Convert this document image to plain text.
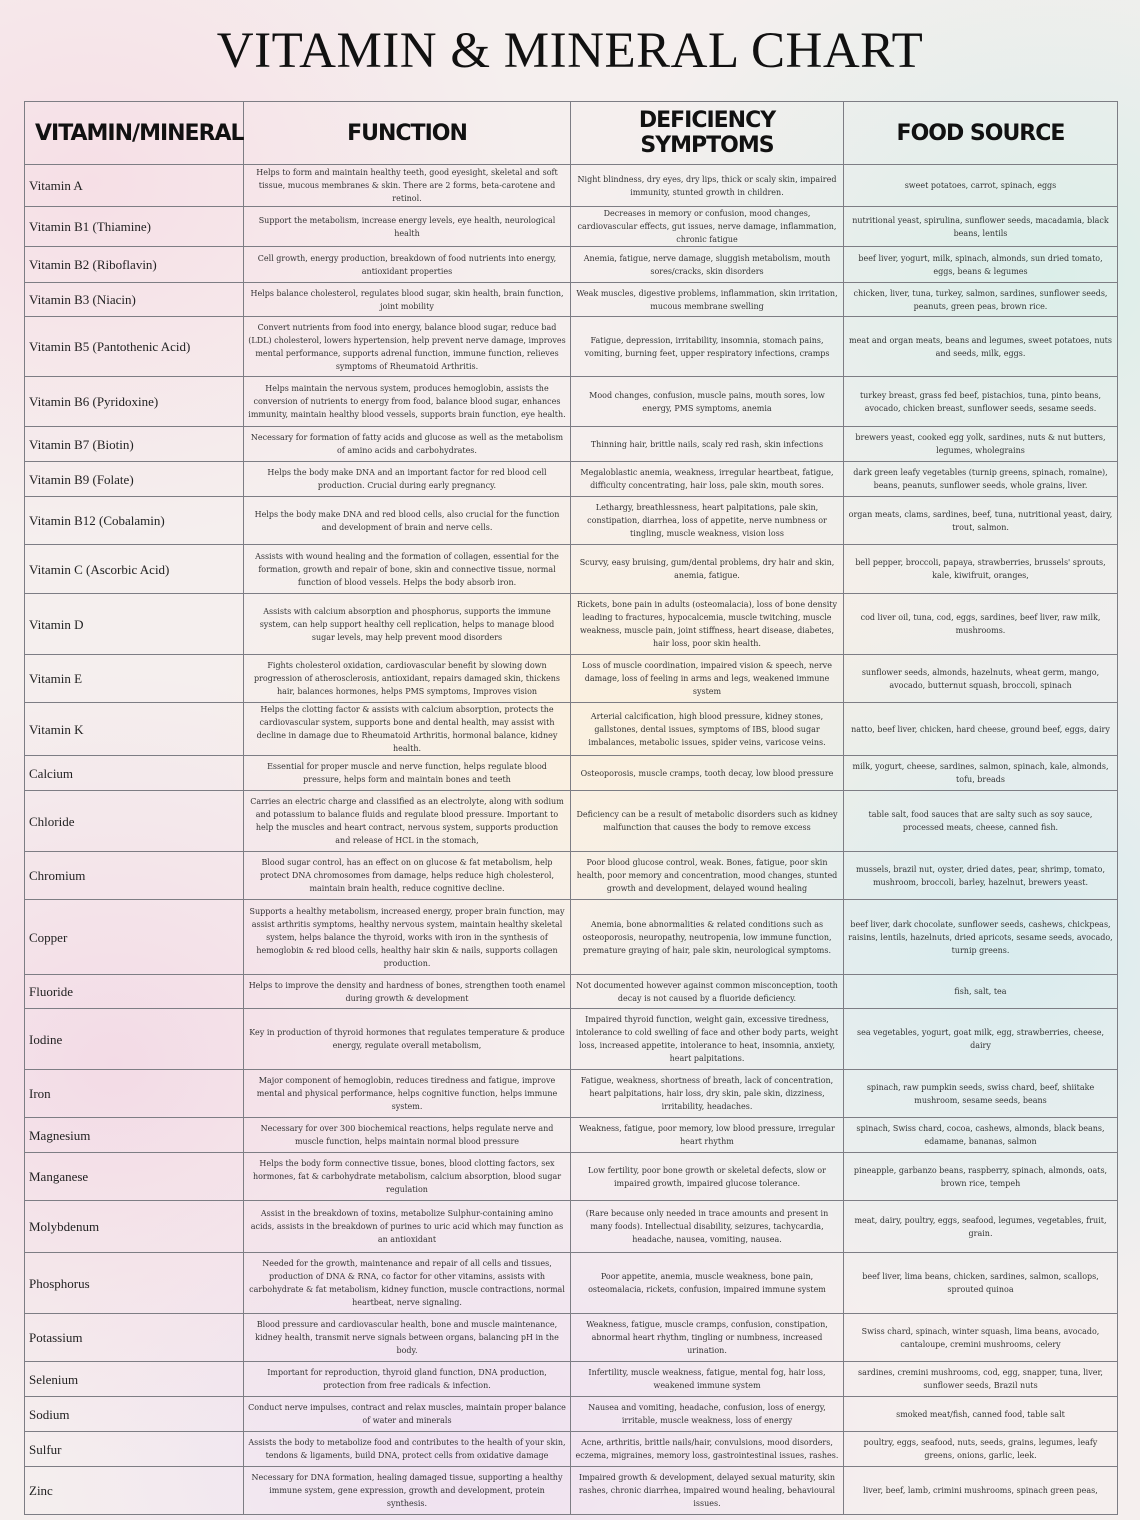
VITAMIN & MINERAL CHART
VITAMIN/MINERAL	FUNCTION	DEFICIENCY SYMPTOMS	FOOD SOURCE
Vitamin A	Helps to form and maintain healthy teeth, good eyesight, skeletal and soft tissue, mucous membranes & skin. There are 2 forms, beta-carotene and retinol.	Night blindness, dry eyes, dry lips, thick or scaly skin, impaired immunity, stunted growth in children.	sweet potatoes, carrot, spinach, eggs
Vitamin B1 (Thiamine)	Support the metabolism, increase energy levels, eye health, neurological health	Decreases in memory or confusion, mood changes, cardiovascular effects, gut issues, nerve damage, inflammation, chronic fatigue	nutritional yeast, spirulina, sunflower seeds, macadamia, black beans, lentils
Vitamin B2 (Riboflavin)	Cell growth, energy production, breakdown of food nutrients into energy, antioxidant properties	Anemia, fatigue, nerve damage, sluggish metabolism, mouth sores/cracks, skin disorders	beef liver, yogurt, milk, spinach, almonds, sun dried tomato, eggs, beans & legumes
Vitamin B3 (Niacin)	Helps balance cholesterol, regulates blood sugar, skin health, brain function, joint mobility	Weak muscles, digestive problems, inflammation, skin irritation, mucous membrane swelling	chicken, liver, tuna, turkey, salmon, sardines, sunflower seeds, peanuts, green peas, brown rice.
Vitamin B5 (Pantothenic Acid)	Convert nutrients from food into energy, balance blood sugar, reduce bad (LDL) cholesterol, lowers hypertension, help prevent nerve damage, improves mental performance, supports adrenal function, immune function, relieves symptoms of Rheumatoid Arthritis.	Fatigue, depression, irritability, insomnia, stomach pains, vomiting, burning feet, upper respiratory infections, cramps	meat and organ meats, beans and legumes, sweet potatoes, nuts and seeds, milk, eggs.
Vitamin B6 (Pyridoxine)	Helps maintain the nervous system, produces hemoglobin, assists the conversion of nutrients to energy from food, balance blood sugar, enhances immunity, maintain healthy blood vessels, supports brain function, eye health.	Mood changes, confusion, muscle pains, mouth sores, low energy, PMS symptoms, anemia	turkey breast, grass fed beef, pistachios, tuna, pinto beans, avocado, chicken breast, sunflower seeds, sesame seeds.
Vitamin B7 (Biotin)	Necessary for formation of fatty acids and glucose as well as the metabolism of amino acids and carbohydrates.	Thinning hair, brittle nails, scaly red rash, skin infections	brewers yeast, cooked egg yolk, sardines, nuts & nut butters, legumes, wholegrains
Vitamin B9 (Folate)	Helps the body make DNA and an important factor for red blood cell production. Crucial during early pregnancy.	Megaloblastic anemia, weakness, irregular heartbeat, fatigue, difficulty concentrating, hair loss, pale skin, mouth sores.	dark green leafy vegetables (turnip greens, spinach, romaine), beans, peanuts, sunflower seeds, whole grains, liver.
Vitamin B12 (Cobalamin)	Helps the body make DNA and red blood cells, also crucial for the function and development of brain and nerve cells.	Lethargy, breathlessness, heart palpitations, pale skin, constipation, diarrhea, loss of appetite, nerve numbness or tingling, muscle weakness, vision loss	organ meats, clams, sardines, beef, tuna, nutritional yeast, dairy, trout, salmon.
Vitamin C (Ascorbic Acid)	Assists with wound healing and the formation of collagen, essential for the formation, growth and repair of bone, skin and connective tissue, normal function of blood vessels. Helps the body absorb iron.	Scurvy, easy bruising, gum/dental problems, dry hair and skin, anemia, fatigue.	bell pepper, broccoli, papaya, strawberries, brussels' sprouts, kale, kiwifruit, oranges,
Vitamin D	Assists with calcium absorption and phosphorus, supports the immune system, can help support healthy cell replication, helps to manage blood sugar levels, may help prevent mood disorders	Rickets, bone pain in adults (osteomalacia), loss of bone density leading to fractures, hypocalcemia, muscle twitching, muscle weakness, muscle pain, joint stiffness, heart disease, diabetes, hair loss, poor skin health.	cod liver oil, tuna, cod, eggs, sardines, beef liver, raw milk, mushrooms.
Vitamin E	Fights cholesterol oxidation, cardiovascular benefit by slowing down progression of atherosclerosis, antioxidant, repairs damaged skin, thickens hair, balances hormones, helps PMS symptoms, Improves vision	Loss of muscle coordination, impaired vision & speech, nerve damage, loss of feeling in arms and legs, weakened immune system	sunflower seeds, almonds, hazelnuts, wheat germ, mango, avocado, butternut squash, broccoli, spinach
Vitamin K	Helps the clotting factor & assists with calcium absorption, protects the cardiovascular system, supports bone and dental health, may assist with decline in damage due to Rheumatoid Arthritis, hormonal balance, kidney health.	Arterial calcification, high blood pressure, kidney stones, gallstones, dental issues, symptoms of IBS, blood sugar imbalances, metabolic issues, spider veins, varicose veins.	natto, beef liver, chicken, hard cheese, ground beef, eggs, dairy
Calcium	Essential for proper muscle and nerve function, helps regulate blood pressure, helps form and maintain bones and teeth	Osteoporosis, muscle cramps, tooth decay, low blood pressure	milk, yogurt, cheese, sardines, salmon, spinach, kale, almonds, tofu, breads
Chloride	Carries an electric charge and classified as an electrolyte, along with sodium and potassium to balance fluids and regulate blood pressure. Important to help the muscles and heart contract, nervous system, supports production and release of HCL in the stomach,	Deficiency can be a result of metabolic disorders such as kidney malfunction that causes the body to remove excess	table salt, food sauces that are salty such as soy sauce, processed meats, cheese, canned fish.
Chromium	Blood sugar control, has an effect on on glucose & fat metabolism, help protect DNA chromosomes from damage, helps reduce high cholesterol, maintain brain health, reduce cognitive decline.	Poor blood glucose control, weak. Bones, fatigue, poor skin health, poor memory and concentration, mood changes, stunted growth and development, delayed wound healing	mussels, brazil nut, oyster, dried dates, pear, shrimp, tomato, mushroom, broccoli, barley, hazelnut, brewers yeast.
Copper	Supports a healthy metabolism, increased energy, proper brain function, may assist arthritis symptoms, healthy nervous system, maintain healthy skeletal system, helps balance the thyroid, works with iron in the synthesis of hemoglobin & red blood cells, healthy hair skin & nails, supports collagen production.	Anemia, bone abnormalities & related conditions such as osteoporosis, neuropathy, neutropenia, low immune function, premature graying of hair, pale skin, neurological symptoms.	beef liver, dark chocolate, sunflower seeds, cashews, chickpeas, raisins, lentils, hazelnuts, dried apricots, sesame seeds, avocado, turnip greens.
Fluoride	Helps to improve the density and hardness of bones, strengthen tooth enamel during growth & development	Not documented however against common misconception, tooth decay is not caused by a fluoride deficiency.	fish, salt, tea
Iodine	Key in production of thyroid hormones that regulates temperature & produce energy, regulate overall metabolism,	Impaired thyroid function, weight gain, excessive tiredness, intolerance to cold swelling of face and other body parts, weight loss, increased appetite, intolerance to heat, insomnia, anxiety, heart palpitations.	sea vegetables, yogurt, goat milk, egg, strawberries, cheese, dairy
Iron	Major component of hemoglobin, reduces tiredness and fatigue, improve mental and physical performance, helps cognitive function, helps immune system.	Fatigue, weakness, shortness of breath, lack of concentration, heart palpitations, hair loss, dry skin, pale skin, dizziness, irritability, headaches.	spinach, raw pumpkin seeds, swiss chard, beef, shiitake mushroom, sesame seeds, beans
Magnesium	Necessary for over 300 biochemical reactions, helps regulate nerve and muscle function, helps maintain normal blood pressure	Weakness, fatigue, poor memory, low blood pressure, irregular heart rhythm	spinach, Swiss chard, cocoa, cashews, almonds, black beans, edamame, bananas, salmon
Manganese	Helps the body form connective tissue, bones, blood clotting factors, sex hormones, fat & carbohydrate metabolism, calcium absorption, blood sugar regulation	Low fertility, poor bone growth or skeletal defects, slow or impaired growth, impaired glucose tolerance.	pineapple, garbanzo beans, raspberry, spinach, almonds, oats, brown rice, tempeh
Molybdenum	Assist in the breakdown of toxins, metabolize Sulphur-containing amino acids, assists in the breakdown of purines to uric acid which may function as an antioxidant	(Rare because only needed in trace amounts and present in many foods). Intellectual disability, seizures, tachycardia, headache, nausea, vomiting, nausea.	meat, dairy, poultry, eggs, seafood, legumes, vegetables, fruit, grain.
Phosphorus	Needed for the growth, maintenance and repair of all cells and tissues, production of DNA & RNA, co factor for other vitamins, assists with carbohydrate & fat metabolism, kidney function, muscle contractions, normal heartbeat, nerve signaling.	Poor appetite, anemia, muscle weakness, bone pain, osteomalacia, rickets, confusion, impaired immune system	beef liver, lima beans, chicken, sardines, salmon, scallops, sprouted quinoa
Potassium	Blood pressure and cardiovascular health, bone and muscle maintenance, kidney health, transmit nerve signals between organs, balancing pH in the body.	Weakness, fatigue, muscle cramps, confusion, constipation, abnormal heart rhythm, tingling or numbness, increased urination.	Swiss chard, spinach, winter squash, lima beans, avocado, cantaloupe, cremini mushrooms, celery
Selenium	Important for reproduction, thyroid gland function, DNA production, protection from free radicals & infection.	Infertility, muscle weakness, fatigue, mental fog, hair loss, weakened immune system	sardines, cremini mushrooms, cod, egg, snapper, tuna, liver, sunflower seeds, Brazil nuts
Sodium	Conduct nerve impulses, contract and relax muscles, maintain proper balance of water and minerals	Nausea and vomiting, headache, confusion, loss of energy, irritable, muscle weakness, loss of energy	smoked meat/fish, canned food, table salt
Sulfur	Assists the body to metabolize food and contributes to the health of your skin, tendons & ligaments, build DNA, protect cells from oxidative damage	Acne, arthritis, brittle nails/hair, convulsions, mood disorders, eczema, migraines, memory loss, gastrointestinal issues, rashes.	poultry, eggs, seafood, nuts, seeds, grains, legumes, leafy greens, onions, garlic, leek.
Zinc	Necessary for DNA formation, healing damaged tissue, supporting a healthy immune system, gene expression, growth and development, protein synthesis.	Impaired growth & development, delayed sexual maturity, skin rashes, chronic diarrhea, impaired wound healing, behavioural issues.	liver, beef, lamb, crimini mushrooms, spinach green peas,
